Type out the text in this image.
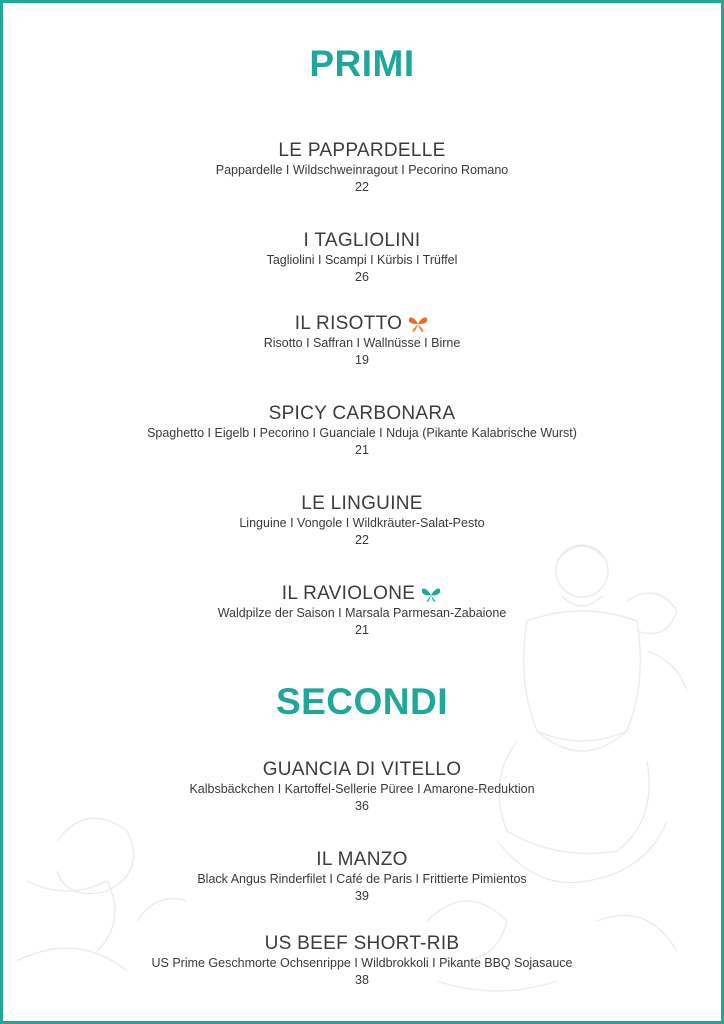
PRIMI

LE PAPPARDELLE

Pappardelle I Wildschweinragout I Pecorino Romano

22

I TAGLIOLINI

Tagliolini I Scampi I Kürbis I Trüffel

26

IL RISOTTO

Risotto I Saffran I Wallnüsse I Birne

19

SPICY CARBONARA

Spaghetto I Eigelb I Pecorino I Guanciale I Nduja (Pikante Kalabrische Wurst)

21

LE LINGUINE

Linguine I Vongole I Wildkräuter-Salat-Pesto

22

IL RAVIOLONE

Waldpilze der Saison I Marsala Parmesan-Zabaione

21

SECONDI

GUANCIA DI VITELLO

Kalbsbäckchen I Kartoffel-Sellerie Püree I Amarone-Reduktion

36

IL MANZO

Black Angus Rinderfilet I Café de Paris I Frittierte Pimientos

39

US BEEF SHORT-RIB

US Prime Geschmorte Ochsenrippe I Wildbrokkoli I Pikante BBQ Sojasauce

38
